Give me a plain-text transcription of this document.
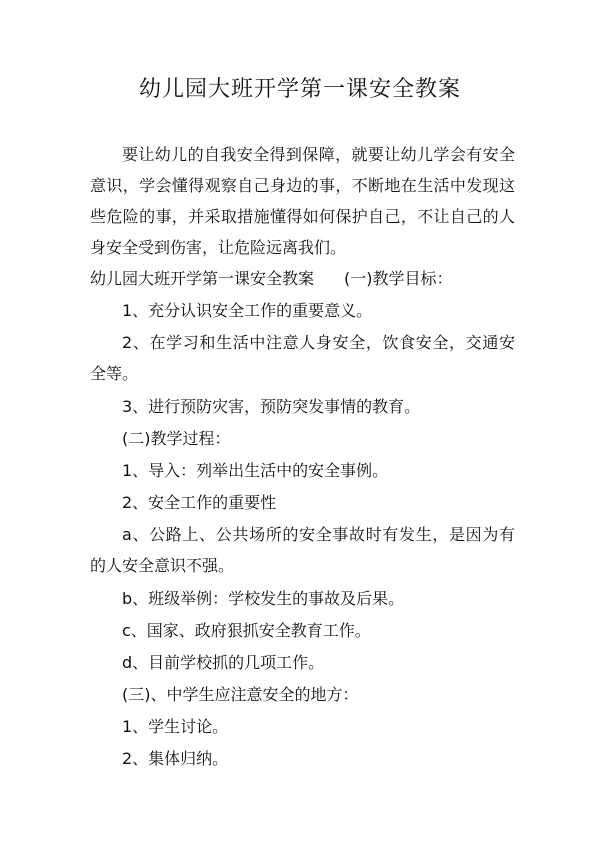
幼儿园大班开学第一课安全教案

要让幼儿的自我安全得到保障，就要让幼儿学会有安全意识，学会懂得观察自己身边的事，不断地在生活中发现这些危险的事，并采取措施懂得如何保护自己，不让自己的人身安全受到伤害，让危险远离我们。

幼儿园大班开学第一课安全教案 (一)教学目标：
1、充分认识安全工作的重要意义。

2、在学习和生活中注意人身安全，饮食安全，交通安全等。

3、进行预防灾害，预防突发事情的教育。
(二)教学过程：
1、导入：列举出生活中的安全事例。
2、安全工作的重要性

a、公路上、公共场所的安全事故时有发生，是因为有的人安全意识不强。

b、班级举例：学校发生的事故及后果。
c、国家、政府狠抓安全教育工作。
d、目前学校抓的几项工作。
(三)、中学生应注意安全的地方：
1、学生讨论。
2、集体归纳。
